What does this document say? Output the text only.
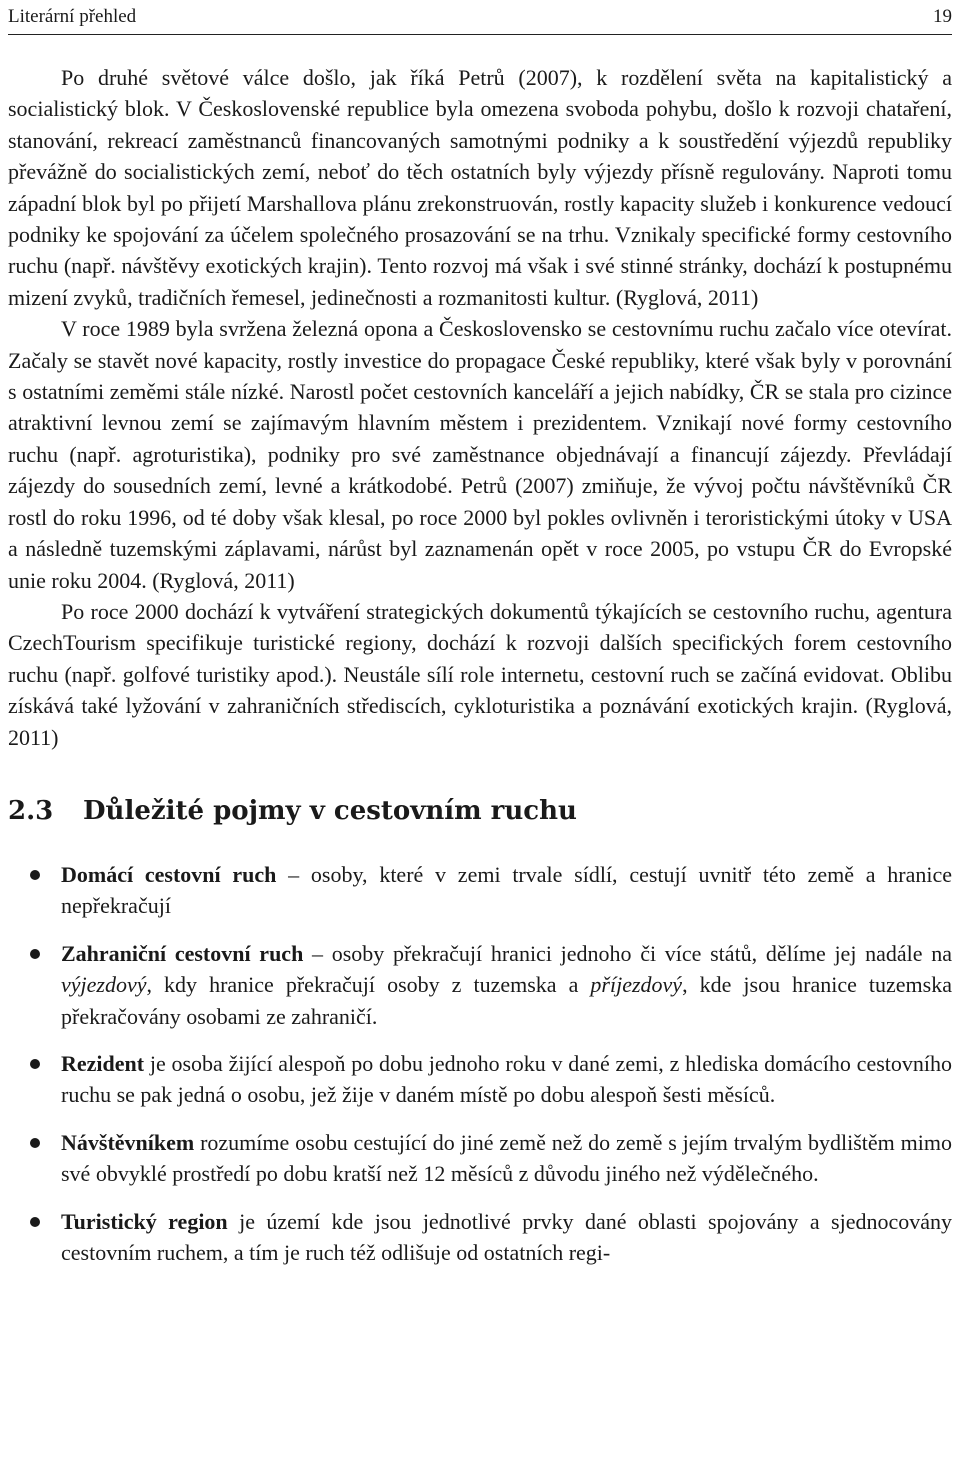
Literární přehled	19

Po druhé světové válce došlo, jak říká Petrů (2007), k rozdělení světa na kapitalistický a socialistický blok. V Československé republice byla omezena svoboda pohybu, došlo k rozvoji chataření, stanování, rekreací zaměstnanců financovaných samotnými podniky a k soustředění výjezdů republiky převážně do socialistických zemí, neboť do těch ostatních byly výjezdy přísně regulovány. Naproti tomu západní blok byl po přijetí Marshallova plánu zrekonstruován, rostly kapacity služeb i konkurence vedoucí podniky ke spojování za účelem společného prosazování se na trhu. Vznikaly specifické formy cestovního ruchu (např. návštěvy exotických krajin). Tento rozvoj má však i své stinné stránky, dochází k postupnému mizení zvyků, tradičních řemesel, jedinečnosti a rozmanitosti kultur. (Ryglová, 2011)

V roce 1989 byla svržena železná opona a Československo se cestovnímu ruchu začalo více otevírat. Začaly se stavět nové kapacity, rostly investice do propagace České republiky, které však byly v porovnání s ostatními zeměmi stále nízké. Narostl počet cestovních kanceláří a jejich nabídky, ČR se stala pro cizince atraktivní levnou zemí se zajímavým hlavním městem i prezidentem. Vznikají nové formy cestovního ruchu (např. agroturistika), podniky pro své zaměstnance objednávají a financují zájezdy. Převládají zájezdy do sousedních zemí, levné a krátkodobé. Petrů (2007) zmiňuje, že vývoj počtu návštěvníků ČR rostl do roku 1996, od té doby však klesal, po roce 2000 byl pokles ovlivněn i teroristickými útoky v USA a následně tuzemskými záplavami, nárůst byl zaznamenán opět v roce 2005, po vstupu ČR do Evropské unie roku 2004. (Ryglová, 2011)

Po roce 2000 dochází k vytváření strategických dokumentů týkajících se cestovního ruchu, agentura CzechTourism specifikuje turistické regiony, dochází k rozvoji dalších specifických forem cestovního ruchu (např. golfové turistiky apod.). Neustále sílí role internetu, cestovní ruch se začíná evidovat. Oblibu získává také lyžování v zahraničních střediscích, cykloturistika a poznávání exotických krajin. (Ryglová, 2011)

2.3	Důležité pojmy v cestovním ruchu
Domácí cestovní ruch – osoby, které v zemi trvale sídlí, cestují uvnitř této země a hranice nepřekračují
Zahraniční cestovní ruch – osoby překračují hranici jednoho či více států, dělíme jej nadále na výjezdový, kdy hranice překračují osoby z tuzemska a příjezdový, kde jsou hranice tuzemska překračovány osobami ze zahraničí.
Rezident je osoba žijící alespoň po dobu jednoho roku v dané zemi, z hlediska domácího cestovního ruchu se pak jedná o osobu, jež žije v daném místě po dobu alespoň šesti měsíců.
Návštěvníkem rozumíme osobu cestující do jiné země než do země s jejím trvalým bydlištěm mimo své obvyklé prostředí po dobu kratší než 12 měsíců z důvodu jiného než výdělečného.
Turistický region je území kde jsou jednotlivé prvky dané oblasti spojovány a sjednocovány cestovním ruchem, a tím je ruch též odlišuje od ostatních regi-
